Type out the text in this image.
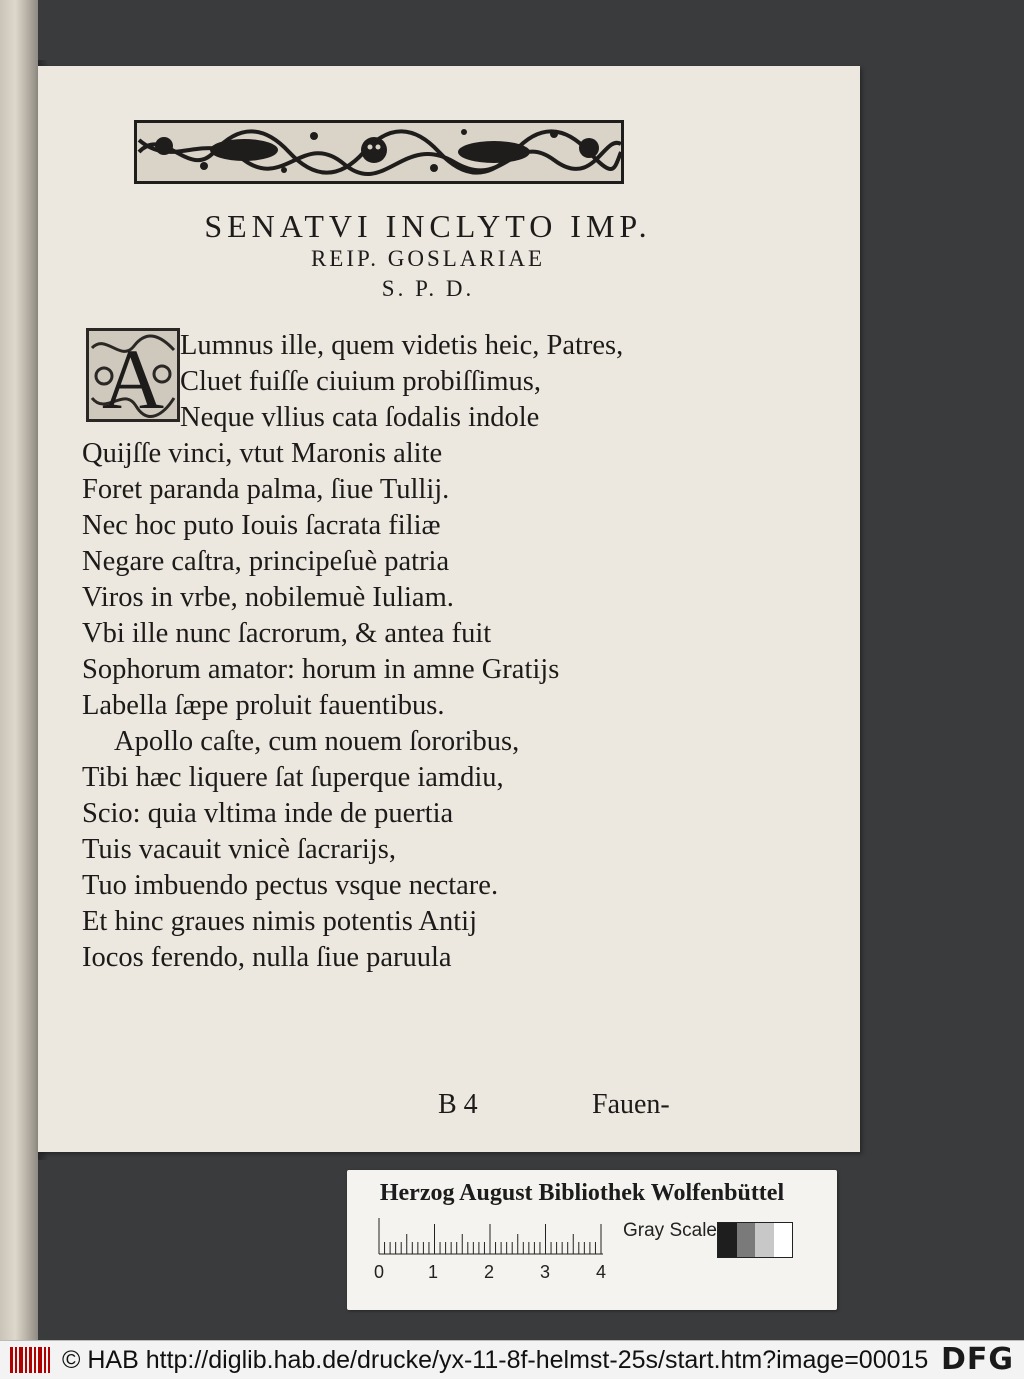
SENATVI INCLYTO IMP.
REIP. GOSLARIAE
S. P. D.
A Lumnus ille, quem videtis heic, Patres,
Cluet fuiſſe ciuium probiſſimus,
Neque vllius cata ſodalis indole
Quijſſe vinci, vtut Maronis alite
Foret paranda palma, ſiue Tullij.
Nec hoc puto Iouis ſacrata filiæ
Negare caſtra, principeſuè patria
Viros in vrbe, nobilemuè Iuliam.
Vbi ille nunc ſacrorum, & antea fuit
Sophorum amator: horum in amne Gratijs
Labella ſæpe proluit fauentibus.
Apollo caſte, cum nouem ſororibus,
Tibi hæc liquere ſat ſuperque iamdiu,
Scio: quia vltima inde de puertia
Tuis vacauit vnicè ſacrarijs,
Tuo imbuendo pectus vsque nectare.
Et hinc graues nimis potentis Antij
Iocos ferendo, nulla ſiue paruula

B 4	Fauen-

Herzog August Bibliothek Wolfenbüttel

0 1	2	3	4

Gray Scale

© HAB http://diglib.hab.de/drucke/yx-11-8f-helmst-25s/start.htm?image=00015 DFG
